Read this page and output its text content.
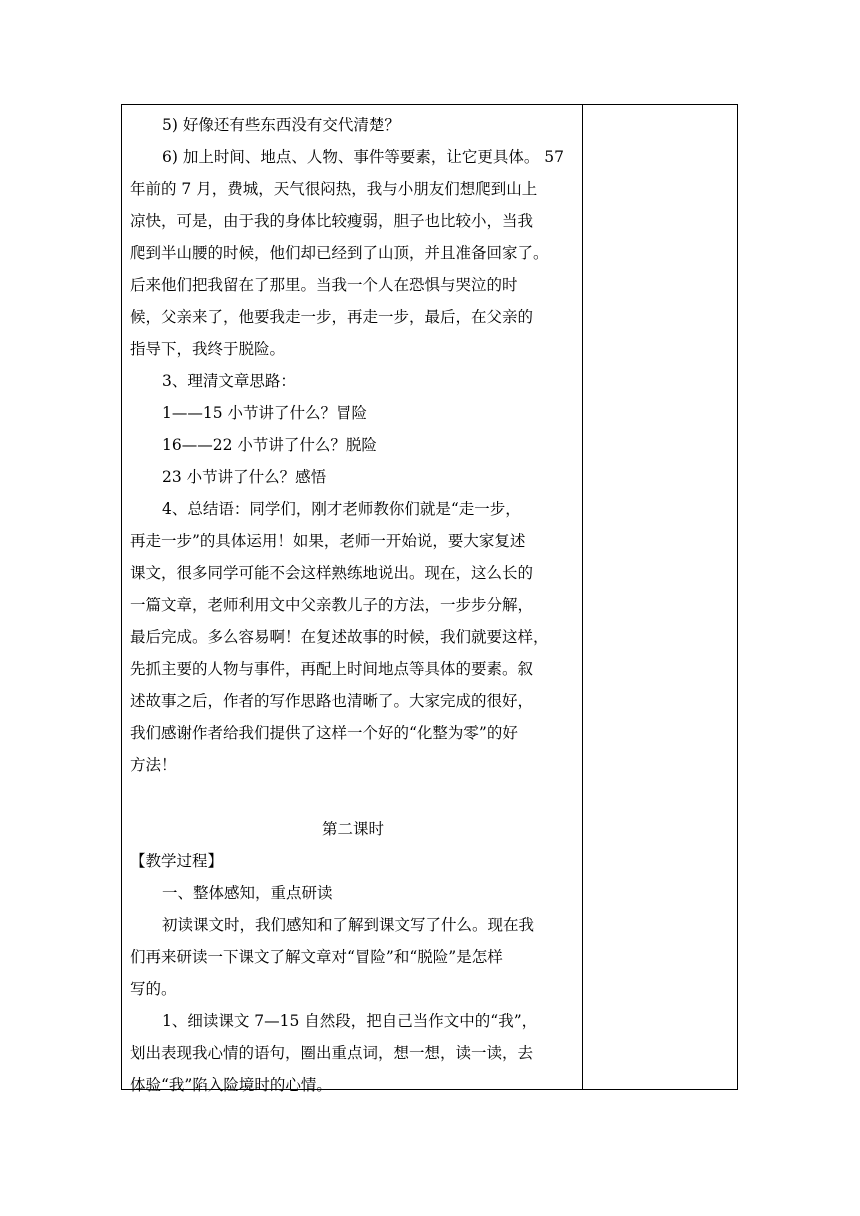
5) 好像还有些东西没有交代清楚？

6) 加上时间、地点、人物、事件等要素，让它更具体。 57

年前的 7 月，费城，天气很闷热，我与小朋友们想爬到山上

凉快，可是，由于我的身体比较瘦弱，胆子也比较小，当我

爬到半山腰的时候，他们却已经到了山顶，并且准备回家了。

后来他们把我留在了那里。当我一个人在恐惧与哭泣的时

候，父亲来了，他要我走一步，再走一步，最后，在父亲的

指导下，我终于脱险。

3、理清文章思路：

1——15 小节讲了什么？冒险

16——22 小节讲了什么？脱险

23 小节讲了什么？感悟

4、总结语：同学们，刚才老师教你们就是“走一步，

再走一步”的具体运用！如果，老师一开始说，要大家复述

课文，很多同学可能不会这样熟练地说出。现在，这么长的

一篇文章，老师利用文中父亲教儿子的方法，一步步分解，

最后完成。多么容易啊！在复述故事的时候，我们就要这样，

先抓主要的人物与事件，再配上时间地点等具体的要素。叙

述故事之后，作者的写作思路也清晰了。大家完成的很好，

我们感谢作者给我们提供了这样一个好的“化整为零”的好

方法！

第二课时

【教学过程】

一、整体感知，重点研读

初读课文时，我们感知和了解到课文写了什么。现在我

们再来研读一下课文了解文章对“冒险”和“脱险”是怎样

写的。

1、细读课文 7—15 自然段，把自己当作文中的“我”，

划出表现我心情的语句，圈出重点词，想一想，读一读，去

体验“我”陷入险境时的心情。
